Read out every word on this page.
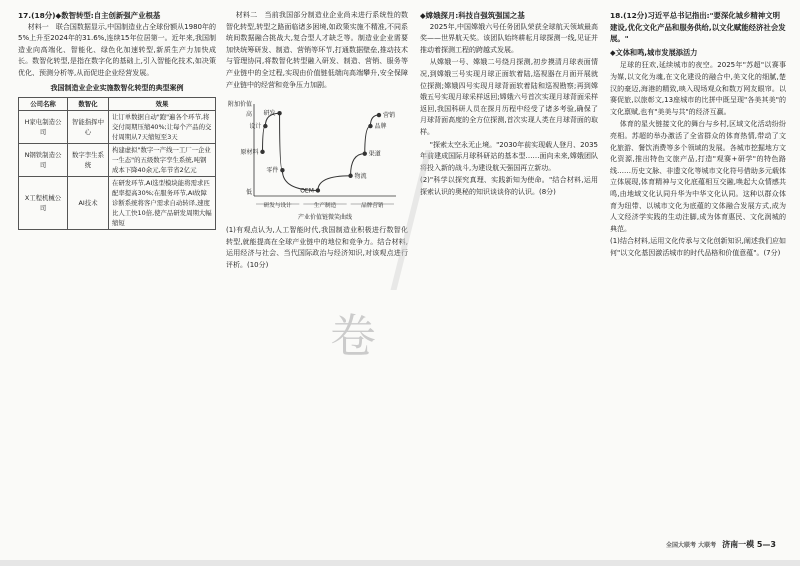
17.(18分)◆数智转型:自主创新强产业根基

材料一　联合国数据显示,中国制造业占全球份额从1980年的5%上升至2024年的31.6%,连续15年位居第一。近年来,我国制造业向高端化、智能化、绿色化加速转型,新质生产力加快成长。数智化转型,是指在数字化的基础上,引入智能化技术,如决策优化、预测分析等,从而促进企业经营发展。

我国制造业企业实施数智化转型的典型案例
公司名称	数智化	效果
H家电制造公司	智能指挥中心	让订单数据自动"跑"遍各个环节,将交付周期压缩40%;让每个产品的交付周期从7天缩短至3天
N钢铁制造公司	数字孪生系统	构建虚拟"数字一产线一工厂一企业一生态"的五级数字孪生系统,吨钢成本下降40余元,年节省2亿元
X工程机械公司	AI技术	在研发环节,AI选型模块能将需求匹配率提高30%;在服务环节,AI故障诊断系统将客户需求自动转译,速度比人工快10倍,使产品研发周期大幅缩短

材料二　当前我国部分制造业企业尚未进行系统性的数智化转型,转型之路面临诸多困境,如政策实施不精准,不同系统间数据融合挑战大,复合型人才缺乏等。制造业企业需要加快统筹研发、制造、营销等环节,打通数据壁垒,推动技术与管理协同,将数智化转型融入研发、制造、营销、服务等产业链中的全过程,实现由价值链低端向高端攀升,安全保障产业链中的经营和竞争压力加剧。

附加价值
高
低
研发
设计
原材料
零件
OEM
物流
渠道
品牌
营销
研发与设计	生产制造	品牌营销
产业价值链微笑曲线

(1)有观点认为,人工智能时代,我国制造业积极进行数智化转型,就能提高在全球产业链中的地位和竞争力。结合材料,运用经济与社会、当代国际政治与经济知识,对该观点进行评析。(10分)

◆嫦娥探月:科技自强筑强国之基

2025年,中国嫦娥六号任务团队荣获全球航天领域最高奖——世界航天奖。该团队始终耕耘月球探测一线,见证并推动着探测工程的跨越式发展。

从嫦娥一号、嫦娥二号绕月探测,初步摸清月球表面情况,到嫦娥三号实现月球正面软着陆,巡视器在月面开展就位探测;嫦娥四号实现月球背面软着陆和巡视勘察;再到嫦娥五号实现月球采样返回;嫦娥六号首次实现月球背面采样返回,我国科研人员在探月历程中经受了诸多考验,确保了月球背面高度的全方位探测,首次实现人类在月球背面的取样。

"探索太空永无止境。"2030年前实现载人登月、2035年前建成国际月球科研站的基本型……面向未来,嫦娥团队将投入新的战斗,为建设航天强国再立新功。

(2)"科学以探究真理、实践新知为使命。"结合材料,运用探索认识的奥秘的知识谈谈你的认识。(8分)

18.(12分)习近平总书记指出:"要深化城乡精神文明建设,优化文化产品和服务供给,以文化赋能经济社会发展。"
◆文体和鸣,城市发展添活力

足球的狂欢,延续城市的夜空。2025年"苏超"以赛事为媒,以文化为魂,在文化建设的融合中,美文化的细腻,楚汉的豪迈,海港的精致,映入现场观众和数万网友眼帘。以赛促旅,以旅彰文,13座城市的比拼中既呈现"各美其美"的文化禀赋,也有"美美与共"的经济互赢。

体育的星火链接文化的舞台与乡村,区域文化活动纷纷亮相。苏超的举办激活了全省群众的体育热情,带动了文化旅游、餐饮消费等多个领域的发展。各城市挖掘地方文化资源,推出特色文旅产品,打造"观赛+研学"的特色路线……历史文脉、非遗文化等城市文化符号借助多元载体立体展现,体育精神与文化底蕴相互交融,唤起大众情感共鸣,由地域文化认同升华为中华文化认同。这种以群众体育为纽带、以城市文化为底蕴的文体融合发展方式,成为人文经济学实践的生动注脚,成为体育惠民、文化润城的典范。

(1)结合材料,运用文化传承与文化创新知识,阐述我们应如何"以文化基因激活城市的时代品格和价值意蕴"。(7分)

卷
全国大联考 大联考 济南一模 5—3
